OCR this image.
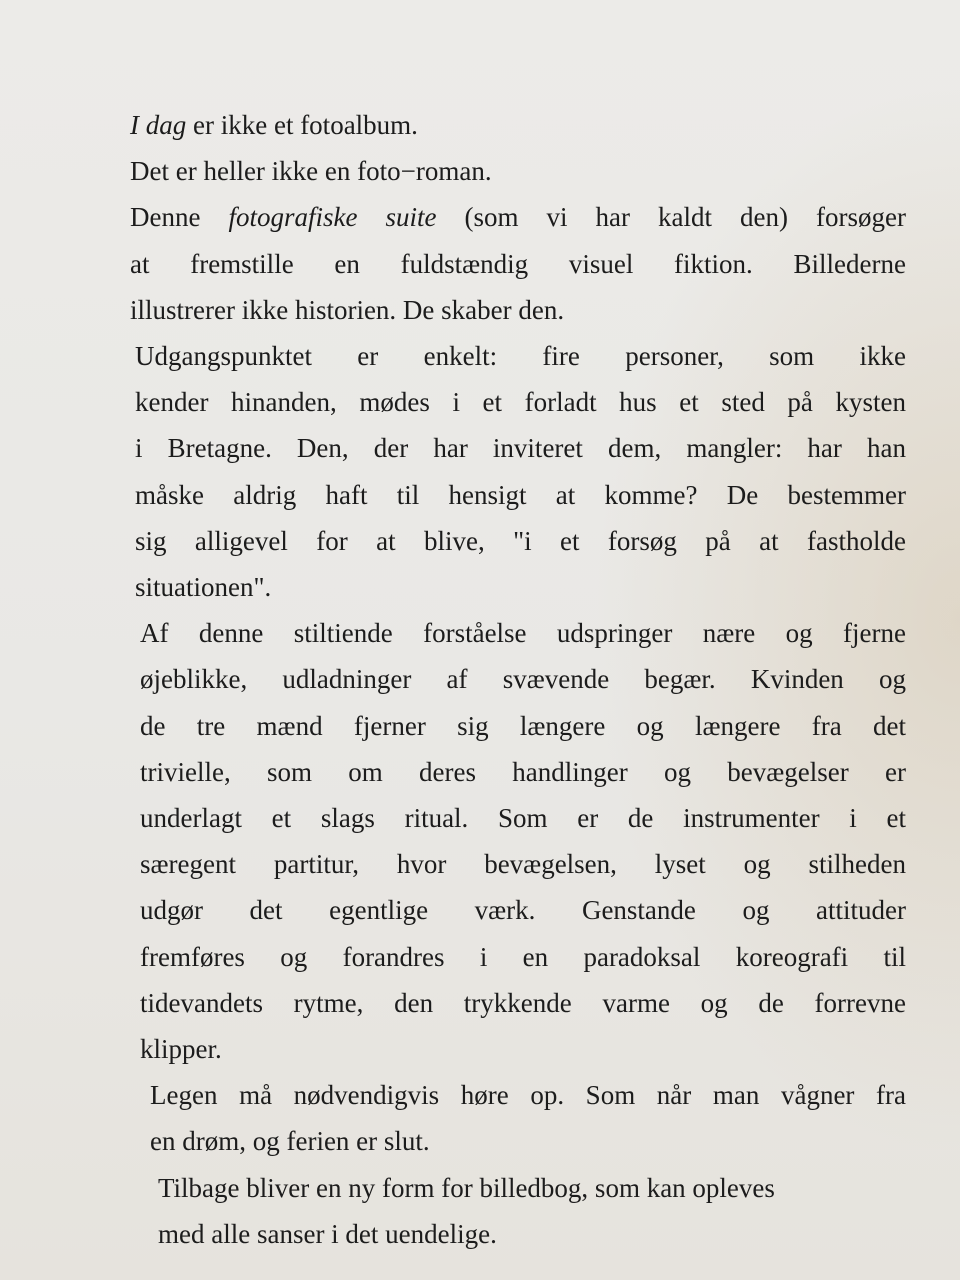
I dag er ikke et fotoalbum.

Det er heller ikke en foto−roman.

Denne fotografiske suite (som vi har kaldt den) forsøger

at fremstille en fuldstændig visuel fiktion. Billederne

illustrerer ikke historien. De skaber den.

Udgangspunktet er enkelt: fire personer, som ikke

kender hinanden, mødes i et forladt hus et sted på kysten

i Bretagne. Den, der har inviteret dem, mangler: har han

måske aldrig haft til hensigt at komme? De bestemmer

sig alligevel for at blive, "i et forsøg på at fastholde

situationen".

Af denne stiltiende forståelse udspringer nære og fjerne

øjeblikke, udladninger af svævende begær. Kvinden og

de tre mænd fjerner sig længere og længere fra det

trivielle, som om deres handlinger og bevægelser er

underlagt et slags ritual. Som er de instrumenter i et

særegent partitur, hvor bevægelsen, lyset og stilheden

udgør det egentlige værk. Genstande og attituder

fremføres og forandres i en paradoksal koreografi til

tidevandets rytme, den trykkende varme og de forrevne

klipper.

Legen må nødvendigvis høre op. Som når man vågner fra

en drøm, og ferien er slut.

Tilbage bliver en ny form for billedbog, som kan opleves

med alle sanser i det uendelige.
